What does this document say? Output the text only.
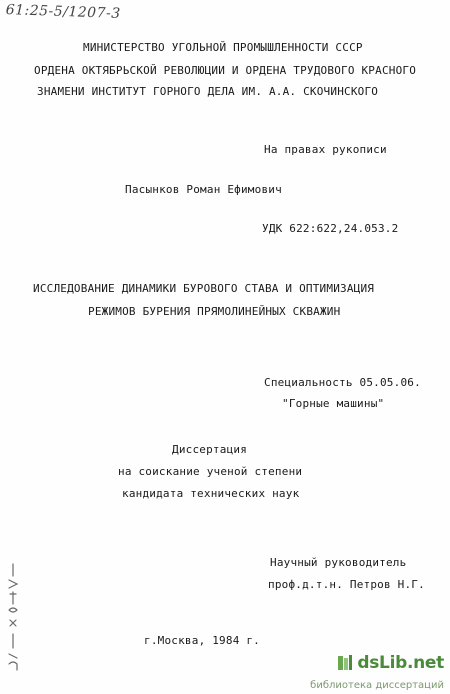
61:25-5/1207-3
МИНИСТЕРСТВО УГОЛЬНОЙ ПРОМЫШЛЕННОСТИ СССР
ОРДЕНА ОКТЯБРЬСКОЙ РЕВОЛЮЦИИ И ОРДЕНА ТРУДОВОГО КРАСНОГО
ЗНАМЕНИ ИНСТИТУТ ГОРНОГО ДЕЛА ИМ. А.А. СКОЧИНСКОГО
На правах рукописи
Пасынков Роман Ефимович
УДК 622:622,24.053.2
ИССЛЕДОВАНИЕ ДИНАМИКИ БУРОВОГО СТАВА И ОПТИМИЗАЦИЯ
РЕЖИМОВ БУРЕНИЯ ПРЯМОЛИНЕЙНЫХ СКВАЖИН
Специальность 05.05.06.
"Горные машины"
Диссертация
на соискание ученой степени
кандидата технических наук
Научный руководитель
проф.д.т.н. Петров Н.Г.
г.Москва, 1984 г.
dsLib.net
библиотека диссертаций
